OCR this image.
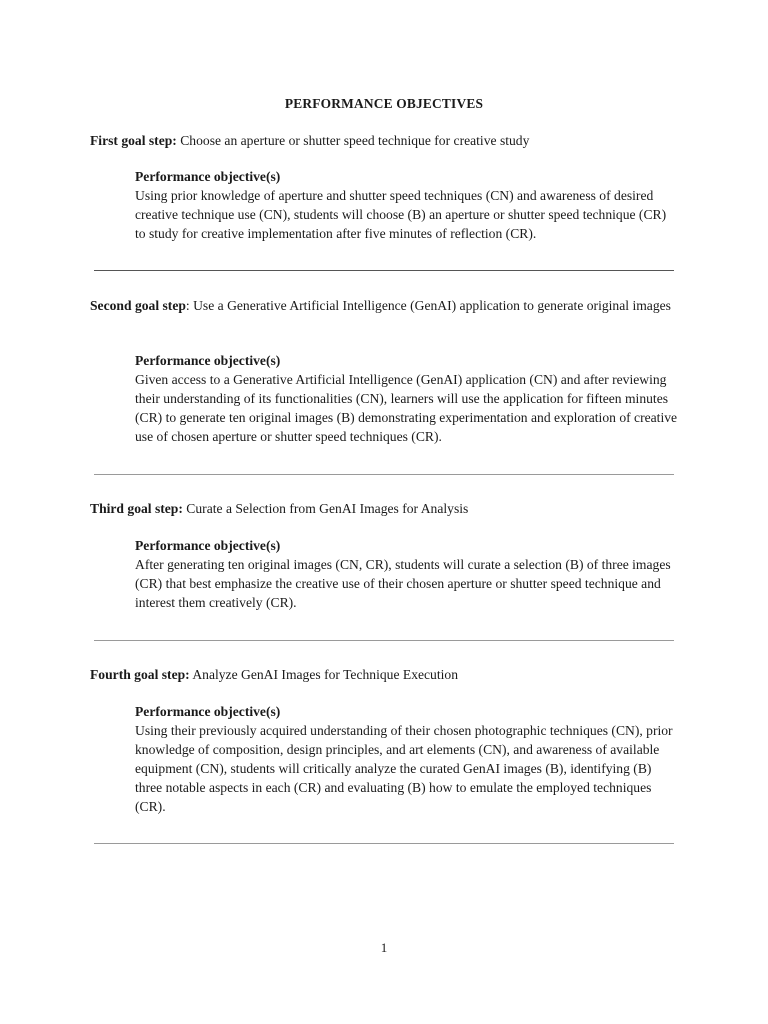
PERFORMANCE OBJECTIVES
First goal step: Choose an aperture or shutter speed technique for creative study
Performance objective(s)
Using prior knowledge of aperture and shutter speed techniques (CN) and awareness of desired creative technique use (CN), students will choose (B) an aperture or shutter speed technique (CR) to study for creative implementation after five minutes of reflection (CR).
Second goal step: Use a Generative Artificial Intelligence (GenAI) application to generate original images
Performance objective(s)
Given access to a Generative Artificial Intelligence (GenAI) application (CN) and after reviewing their understanding of its functionalities (CN), learners will use the application for fifteen minutes (CR) to generate ten original images (B) demonstrating experimentation and exploration of creative use of chosen aperture or shutter speed techniques (CR).
Third goal step: Curate a Selection from GenAI Images for Analysis
Performance objective(s)
After generating ten original images (CN, CR), students will curate a selection (B) of three images (CR) that best emphasize the creative use of their chosen aperture or shutter speed technique and interest them creatively (CR).
Fourth goal step: Analyze GenAI Images for Technique Execution
Performance objective(s)
Using their previously acquired understanding of their chosen photographic techniques (CN), prior knowledge of composition, design principles, and art elements (CN), and awareness of available equipment (CN), students will critically analyze the curated GenAI images (B), identifying (B) three notable aspects in each (CR) and evaluating (B) how to emulate the employed techniques (CR).
1
